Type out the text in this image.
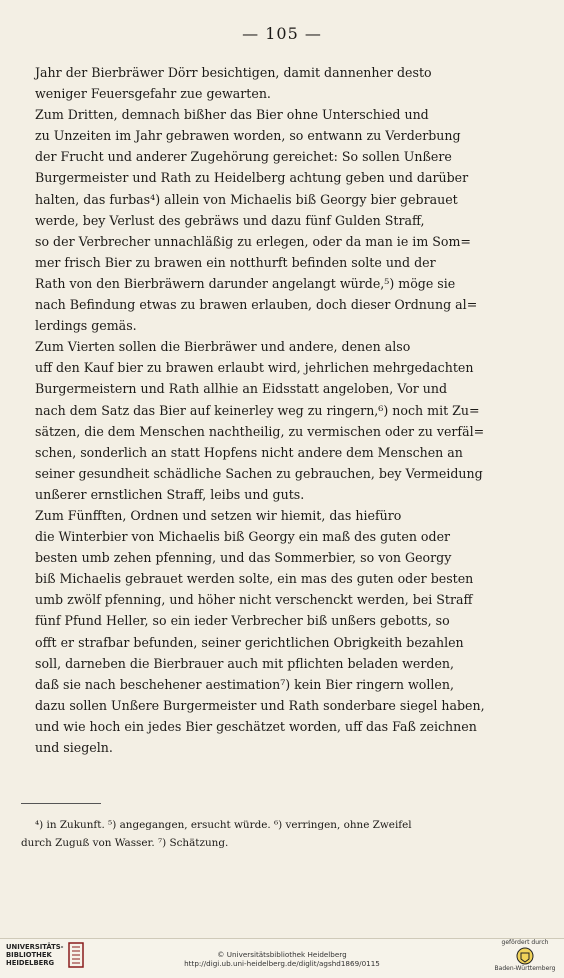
— 105 —
Jahr der Bierbräwer Dörr besichtigen, damit dannenher desto
weniger Feuersgefahr zue gewarten.
Zum Dritten, demnach bißher das Bier ohne Unterschied und
zu Unzeiten im Jahr gebrawen worden, so entwann zu Verderbung
der Frucht und anderer Zugehörung gereichet: So sollen Unßere
Burgermeister und Rath zu Heidelberg achtung geben und darüber
halten, das furbas⁴) allein von Michaelis biß Georgy bier gebrauet
werde, bey Verlust des gebräws und dazu fünf Gulden Straff,
so der Verbrecher unnachläßig zu erlegen, oder da man ie im Som=
mer frisch Bier zu brawen ein notthurft befinden solte und der
Rath von den Bierbräwern darunder angelangt würde,⁵) möge sie
nach Befindung etwas zu brawen erlauben, doch dieser Ordnung al=
lerdings gemäs.
Zum Vierten sollen die Bierbräwer und andere, denen also
uff den Kauf bier zu brawen erlaubt wird, jehrlichen mehrgedachten
Burgermeistern und Rath allhie an Eidsstatt angeloben, Vor und
nach dem Satz das Bier auf keinerley weg zu ringern,⁶) noch mit Zu=
sätzen, die dem Menschen nachtheilig, zu vermischen oder zu verfäl=
schen, sonderlich an statt Hopfens nicht andere dem Menschen an
seiner gesundheit schädliche Sachen zu gebrauchen, bey Vermeidung
unßerer ernstlichen Straff, leibs und guts.
Zum Fünfften, Ordnen und setzen wir hiemit, das hiefüro
die Winterbier von Michaelis biß Georgy ein maß des guten oder
besten umb zehen pfenning, und das Sommerbier, so von Georgy
biß Michaelis gebrauet werden solte, ein mas des guten oder besten
umb zwölf pfenning, und höher nicht verschenckt werden, bei Straff
fünf Pfund Heller, so ein ieder Verbrecher biß unßers gebotts, so
offt er strafbar befunden, seiner gerichtlichen Obrigkeith bezahlen
soll, darneben die Bierbrauer auch mit pflichten beladen werden,
daß sie nach beschehener aestimation⁷) kein Bier ringern wollen,
dazu sollen Unßere Burgermeister und Rath sonderbare siegel haben,
und wie hoch ein jedes Bier geschätzet worden, uff das Faß zeichnen
und siegeln.
⁴) in Zukunft. ⁵) angegangen, ersucht würde. ⁶) verringen, ohne Zweifel
durch Zuguß von Wasser. ⁷) Schätzung.
UNIVERSITÄTS-
BIBLIOTHEK
HEIDELBERG
© Universitätsbibliothek Heidelberg
http://digi.ub.uni-heidelberg.de/diglit/agshd1869/0115
gefördert durch
Baden-Württemberg
